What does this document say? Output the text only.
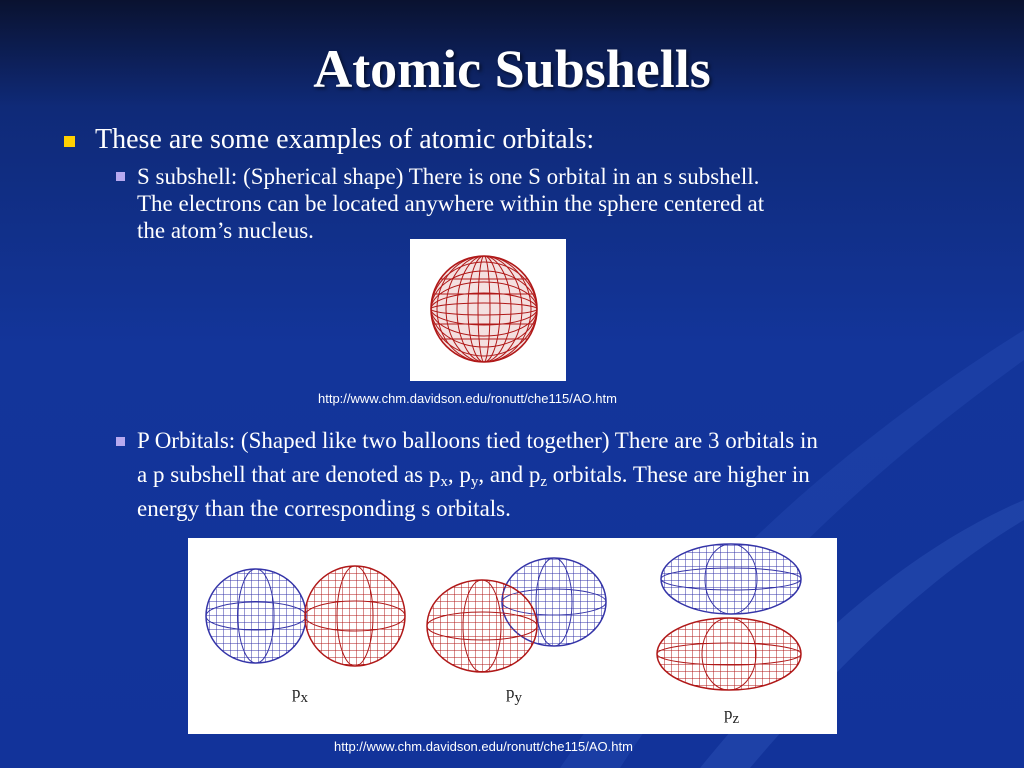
Atomic Subshells
These are some examples of atomic orbitals:
S subshell: (Spherical shape) There is one S orbital in an s subshell.
The electrons can be located anywhere within the sphere centered at
the atom’s nucleus.
http://www.chm.davidson.edu/ronutt/che115/AO.htm
P Orbitals: (Shaped like two balloons tied together) There are 3 orbitals in
a p subshell that are denoted as $p_x$, $p_y$, and $p_z$ orbitals. These are higher in
energy than the corresponding s orbitals.
$p_x$	$p_y$
$p_z$
http://www.chm.davidson.edu/ronutt/che115/AO.htm
